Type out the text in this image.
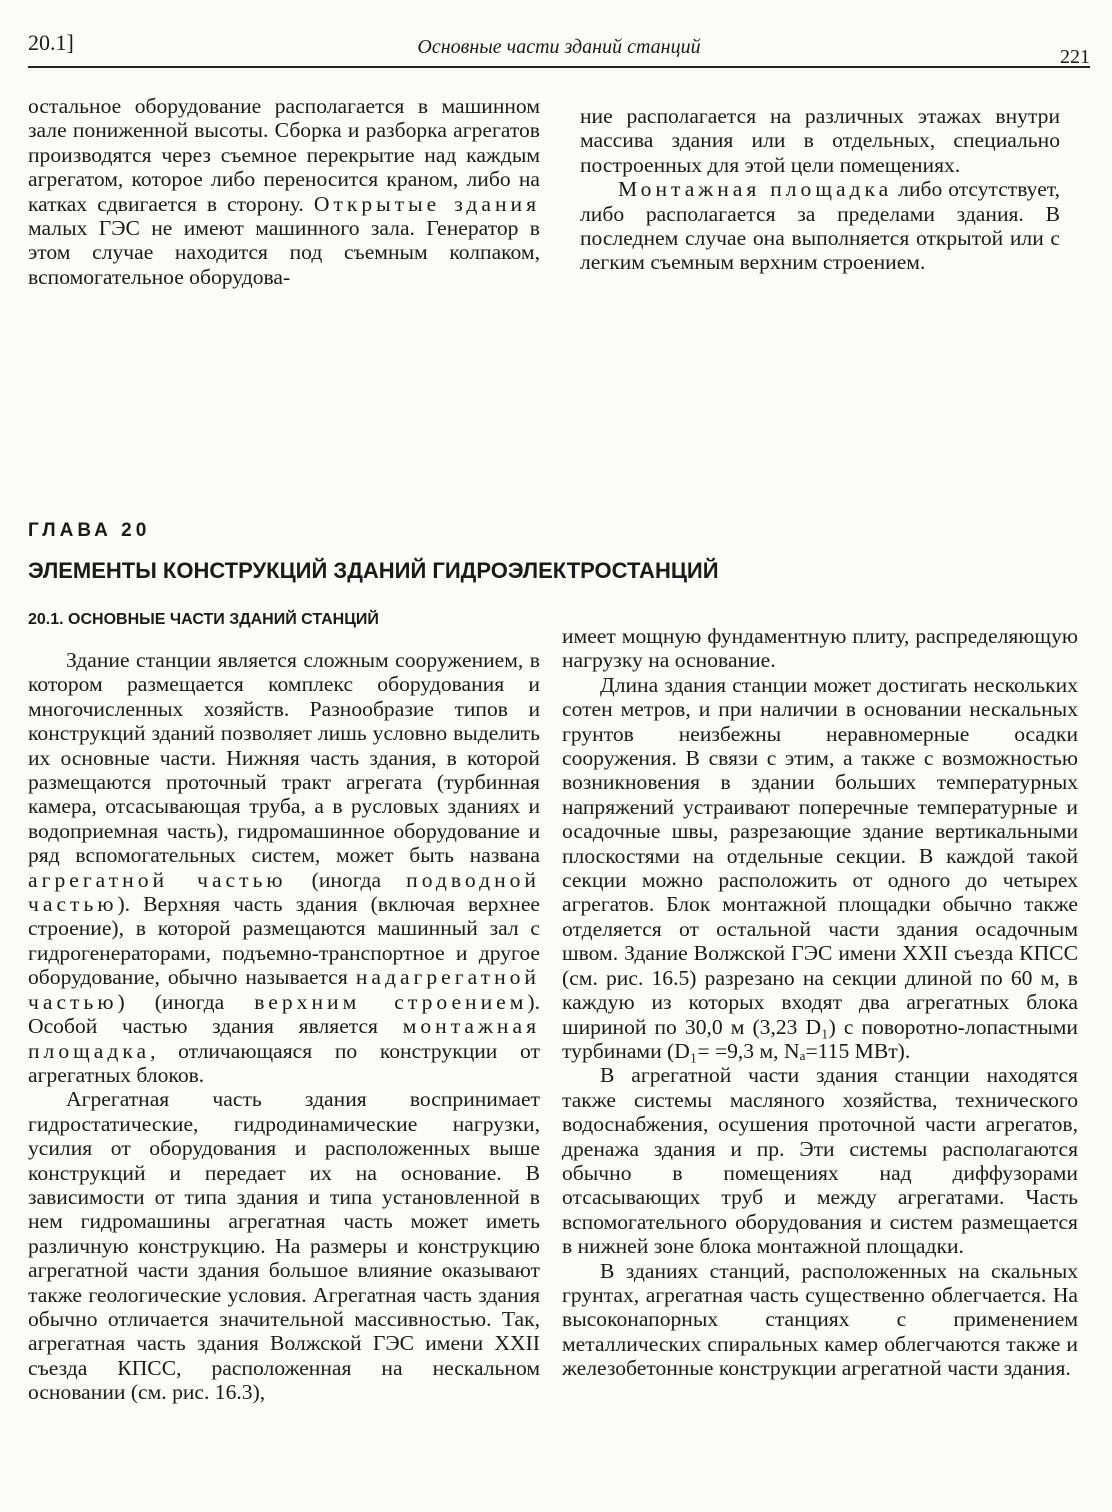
20.1]	Основные части зданий станций	221

остальное оборудование располагается в машинном зале пониженной высоты. Сборка и разборка агрегатов производятся через съемное перекрытие над каждым агрегатом, которое либо переносится краном, либо на катках сдвигается в сторону. Открытые здания малых ГЭС не имеют машинного зала. Генератор в этом случае находится под съемным колпаком, вспомогательное оборудова-

ние располагается на различных этажах внутри массива здания или в отдельных, специально построенных для этой цели помещениях.

Монтажная площадка либо отсутствует, либо располагается за пределами здания. В последнем случае она выполняется открытой или с легким съемным верхним строением.

ГЛАВА 20
ЭЛЕМЕНТЫ КОНСТРУКЦИЙ ЗДАНИЙ ГИДРОЭЛЕКТРОСТАНЦИЙ
20.1. ОСНОВНЫЕ ЧАСТИ ЗДАНИЙ СТАНЦИЙ

Здание станции является сложным сооружением, в котором размещается комплекс оборудования и многочисленных хозяйств. Разнообразие типов и конструкций зданий позволяет лишь условно выделить их основные части. Нижняя часть здания, в которой размещаются проточный тракт агрегата (турбинная камера, отсасывающая труба, а в русловых зданиях и водоприемная часть), гидромашинное оборудование и ряд вспомогательных систем, может быть названа агрегатной частью (иногда подводной частью). Верхняя часть здания (включая верхнее строение), в которой размещаются машинный зал с гидрогенераторами, подъемно-транспортное и другое оборудование, обычно называется надагрегатной частью) (иногда верхним строением). Особой частью здания является монтажная площадка, отличающаяся по конструкции от агрегатных блоков.

Агрегатная часть здания воспринимает гидростатические, гидродинамические нагрузки, усилия от оборудования и расположенных выше конструкций и передает их на основание. В зависимости от типа здания и типа установленной в нем гидромашины агрегатная часть может иметь различную конструкцию. На размеры и конструкцию агрегатной части здания большое влияние оказывают также геологические условия. Агрегатная часть здания обычно отличается значительной массивностью. Так, агрегатная часть здания Волжской ГЭС имени XXII съезда КПСС, расположенная на нескальном основании (см. рис. 16.3),

имеет мощную фундаментную плиту, распределяющую нагрузку на основание.

Длина здания станции может достигать нескольких сотен метров, и при наличии в основании нескальных грунтов неизбежны неравномерные осадки сооружения. В связи с этим, а также с возможностью возникновения в здании больших температурных напряжений устраивают поперечные температурные и осадочные швы, разрезающие здание вертикальными плоскостями на отдельные секции. В каждой такой секции можно расположить от одного до четырех агрегатов. Блок монтажной площадки обычно также отделяется от остальной части здания осадочным швом. Здание Волжской ГЭС имени XXII съезда КПСС (см. рис. 16.5) разрезано на секции длиной по 60 м, в каждую из которых входят два агрегатных блока шириной по 30,0 м (3,23 D₁) с поворотно-лопастными турбинами (D₁= =9,3 м, Nₐ=115 МВт).

В агрегатной части здания станции находятся также системы масляного хозяйства, технического водоснабжения, осушения проточной части агрегатов, дренажа здания и пр. Эти системы располагаются обычно в помещениях над диффузорами отсасывающих труб и между агрегатами. Часть вспомогательного оборудования и систем размещается в нижней зоне блока монтажной площадки.

В зданиях станций, расположенных на скальных грунтах, агрегатная часть существенно облегчается. На высоконапорных станциях с применением металлических спиральных камер облегчаются также и железобетонные конструкции агрегатной части здания.
